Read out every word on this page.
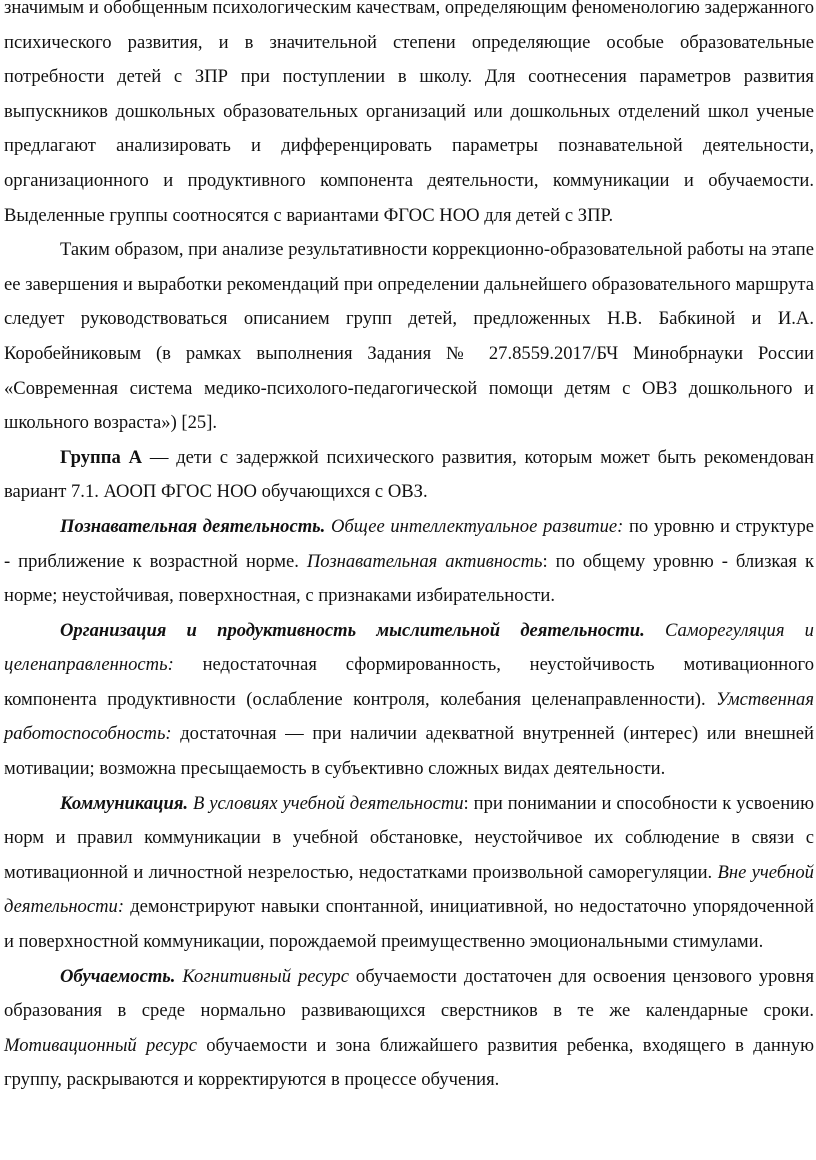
значимым и обобщенным психологическим качествам, определяющим феноменологию задержанного психического развития, и в значительной степени определяющие особые образовательные потребности детей с ЗПР при поступлении в школу. Для соотнесения параметров развития выпускников дошкольных образовательных организаций или дошкольных отделений школ ученые предлагают анализировать и дифференцировать параметры познавательной деятельности, организационного и продуктивного компонента деятельности, коммуникации и обучаемости. Выделенные группы соотносятся с вариантами ФГОС НОО для детей с ЗПР.

Таким образом, при анализе результативности коррекционно-образовательной работы на этапе ее завершения и выработки рекомендаций при определении дальнейшего образовательного маршрута следует руководствоваться описанием групп детей, предложенных Н.В. Бабкиной и И.А. Коробейниковым (в рамках выполнения Задания № 27.8559.2017/БЧ Минобрнауки России «Современная система медико-психолого-педагогической помощи детям с ОВЗ дошкольного и школьного возраста») [25].

Группа А — дети с задержкой психического развития, которым может быть рекомендован вариант 7.1. АООП ФГОС НОО обучающихся с ОВЗ.

Познавательная деятельность. Общее интеллектуальное развитие: по уровню и структуре - приближение к возрастной норме. Познавательная активность: по общему уровню - близкая к норме; неустойчивая, поверхностная, с признаками избирательности.

Организация и продуктивность мыслительной деятельности. Саморегуляция и целенаправленность: недостаточная сформированность, неустойчивость мотивационного компонента продуктивности (ослабление контроля, колебания целенаправленности). Умственная работоспособность: достаточная — при наличии адекватной внутренней (интерес) или внешней мотивации; возможна пресыщаемость в субъективно сложных видах деятельности.

Коммуникация. В условиях учебной деятельности: при понимании и способности к усвоению норм и правил коммуникации в учебной обстановке, неустойчивое их соблюдение в связи с мотивационной и личностной незрелостью, недостатками произвольной саморегуляции. Вне учебной деятельности: демонстрируют навыки спонтанной, инициативной, но недостаточно упорядоченной и поверхностной коммуникации, порождаемой преимущественно эмоциональными стимулами.

Обучаемость. Когнитивный ресурс обучаемости достаточен для освоения цензового уровня образования в среде нормально развивающихся сверстников в те же календарные сроки. Мотивационный ресурс обучаемости и зона ближайшего развития ребенка, входящего в данную группу, раскрываются и корректируются в процессе обучения.
